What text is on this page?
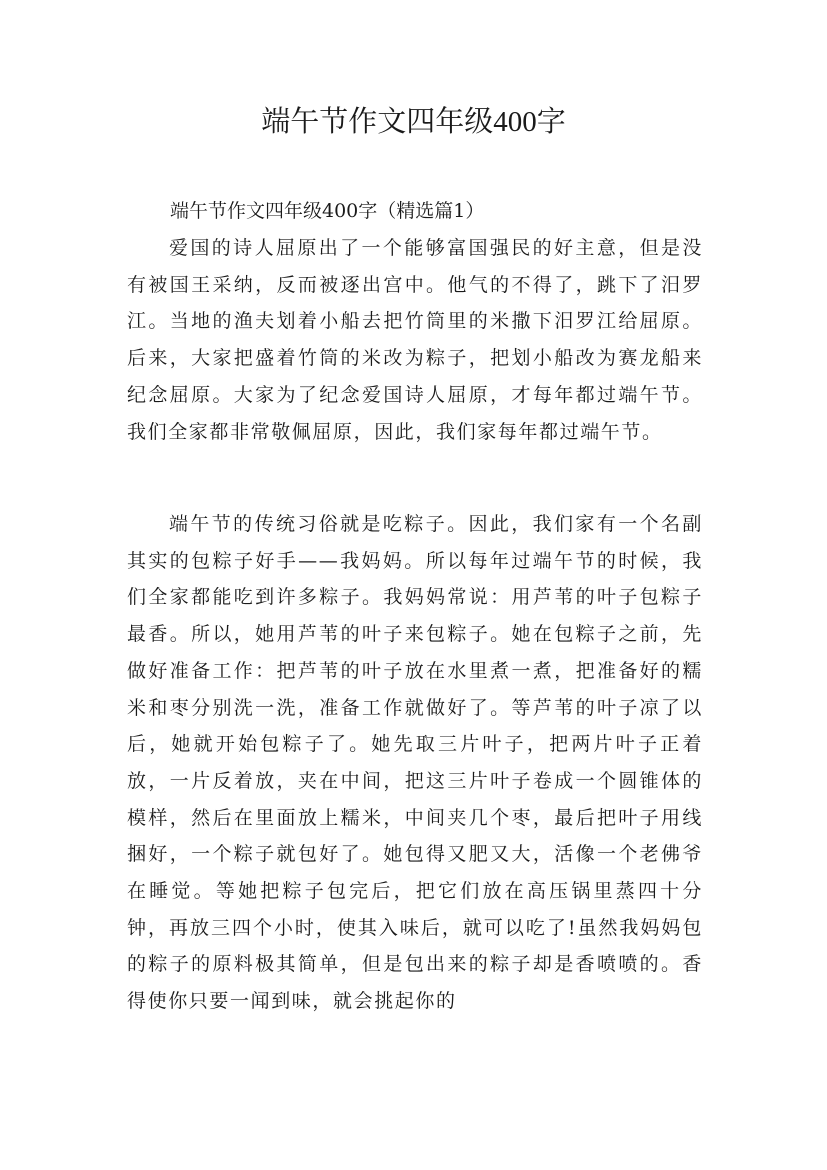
端午节作文四年级400字
端午节作文四年级400字（精选篇1）
爱国的诗人屈原出了一个能够富国强民的好主意，但是没有被国王采纳，反而被逐出宫中。他气的不得了，跳下了汨罗江。当地的渔夫划着小船去把竹筒里的米撒下汨罗江给屈原。后来，大家把盛着竹筒的米改为粽子，把划小船改为赛龙船来纪念屈原。大家为了纪念爱国诗人屈原，才每年都过端午节。我们全家都非常敬佩屈原，因此，我们家每年都过端午节。
端午节的传统习俗就是吃粽子。因此，我们家有一个名副其实的包粽子好手——我妈妈。所以每年过端午节的时候，我们全家都能吃到许多粽子。我妈妈常说：用芦苇的叶子包粽子最香。所以，她用芦苇的叶子来包粽子。她在包粽子之前，先做好准备工作：把芦苇的叶子放在水里煮一煮，把准备好的糯米和枣分别洗一洗，准备工作就做好了。等芦苇的叶子凉了以后，她就开始包粽子了。她先取三片叶子，把两片叶子正着放，一片反着放，夹在中间，把这三片叶子卷成一个圆锥体的模样，然后在里面放上糯米，中间夹几个枣，最后把叶子用线捆好，一个粽子就包好了。她包得又肥又大，活像一个老佛爷在睡觉。等她把粽子包完后，把它们放在高压锅里蒸四十分钟，再放三四个小时，使其入味后，就可以吃了!虽然我妈妈包的粽子的原料极其简单，但是包出来的粽子却是香喷喷的。香得使你只要一闻到味，就会挑起你的
